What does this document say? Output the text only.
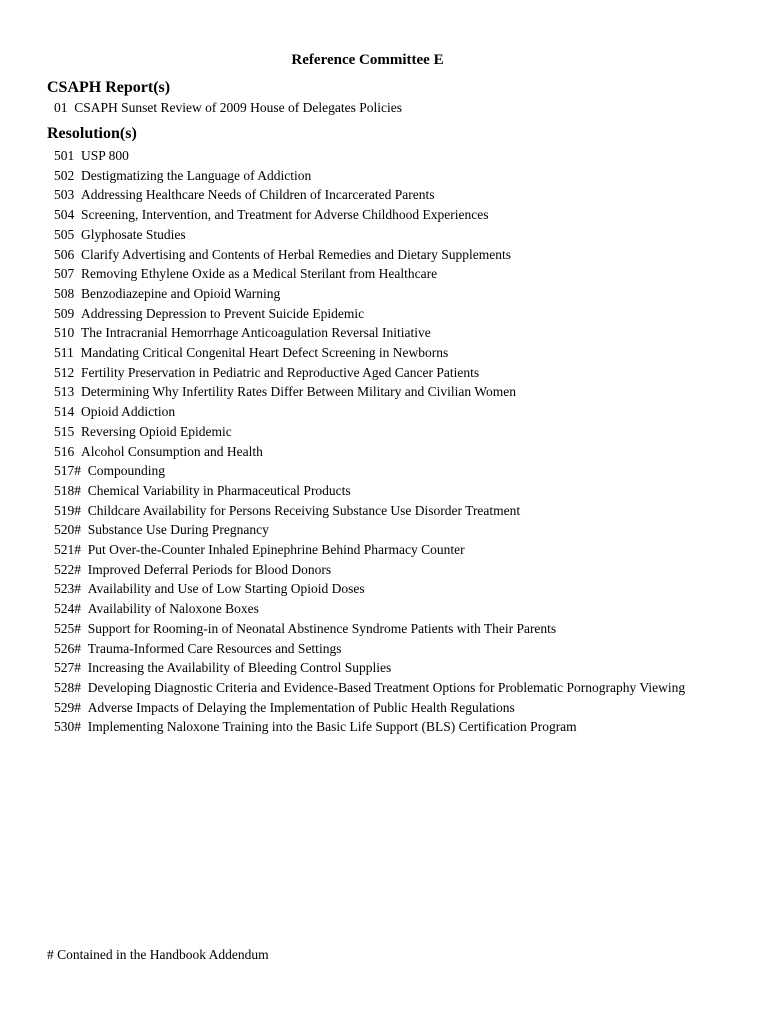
Reference Committee E
CSAPH Report(s)
01 CSAPH Sunset Review of 2009 House of Delegates Policies
Resolution(s)
501 USP 800
502 Destigmatizing the Language of Addiction
503 Addressing Healthcare Needs of Children of Incarcerated Parents
504 Screening, Intervention, and Treatment for Adverse Childhood Experiences
505 Glyphosate Studies
506 Clarify Advertising and Contents of Herbal Remedies and Dietary Supplements
507 Removing Ethylene Oxide as a Medical Sterilant from Healthcare
508 Benzodiazepine and Opioid Warning
509 Addressing Depression to Prevent Suicide Epidemic
510 The Intracranial Hemorrhage Anticoagulation Reversal Initiative
511 Mandating Critical Congenital Heart Defect Screening in Newborns
512 Fertility Preservation in Pediatric and Reproductive Aged Cancer Patients
513 Determining Why Infertility Rates Differ Between Military and Civilian Women
514 Opioid Addiction
515 Reversing Opioid Epidemic
516 Alcohol Consumption and Health
517# Compounding
518# Chemical Variability in Pharmaceutical Products
519# Childcare Availability for Persons Receiving Substance Use Disorder Treatment
520# Substance Use During Pregnancy
521# Put Over-the-Counter Inhaled Epinephrine Behind Pharmacy Counter
522# Improved Deferral Periods for Blood Donors
523# Availability and Use of Low Starting Opioid Doses
524# Availability of Naloxone Boxes
525# Support for Rooming-in of Neonatal Abstinence Syndrome Patients with Their Parents
526# Trauma-Informed Care Resources and Settings
527# Increasing the Availability of Bleeding Control Supplies
528# Developing Diagnostic Criteria and Evidence-Based Treatment Options for Problematic Pornography Viewing
529# Adverse Impacts of Delaying the Implementation of Public Health Regulations
530# Implementing Naloxone Training into the Basic Life Support (BLS) Certification Program
# Contained in the Handbook Addendum
